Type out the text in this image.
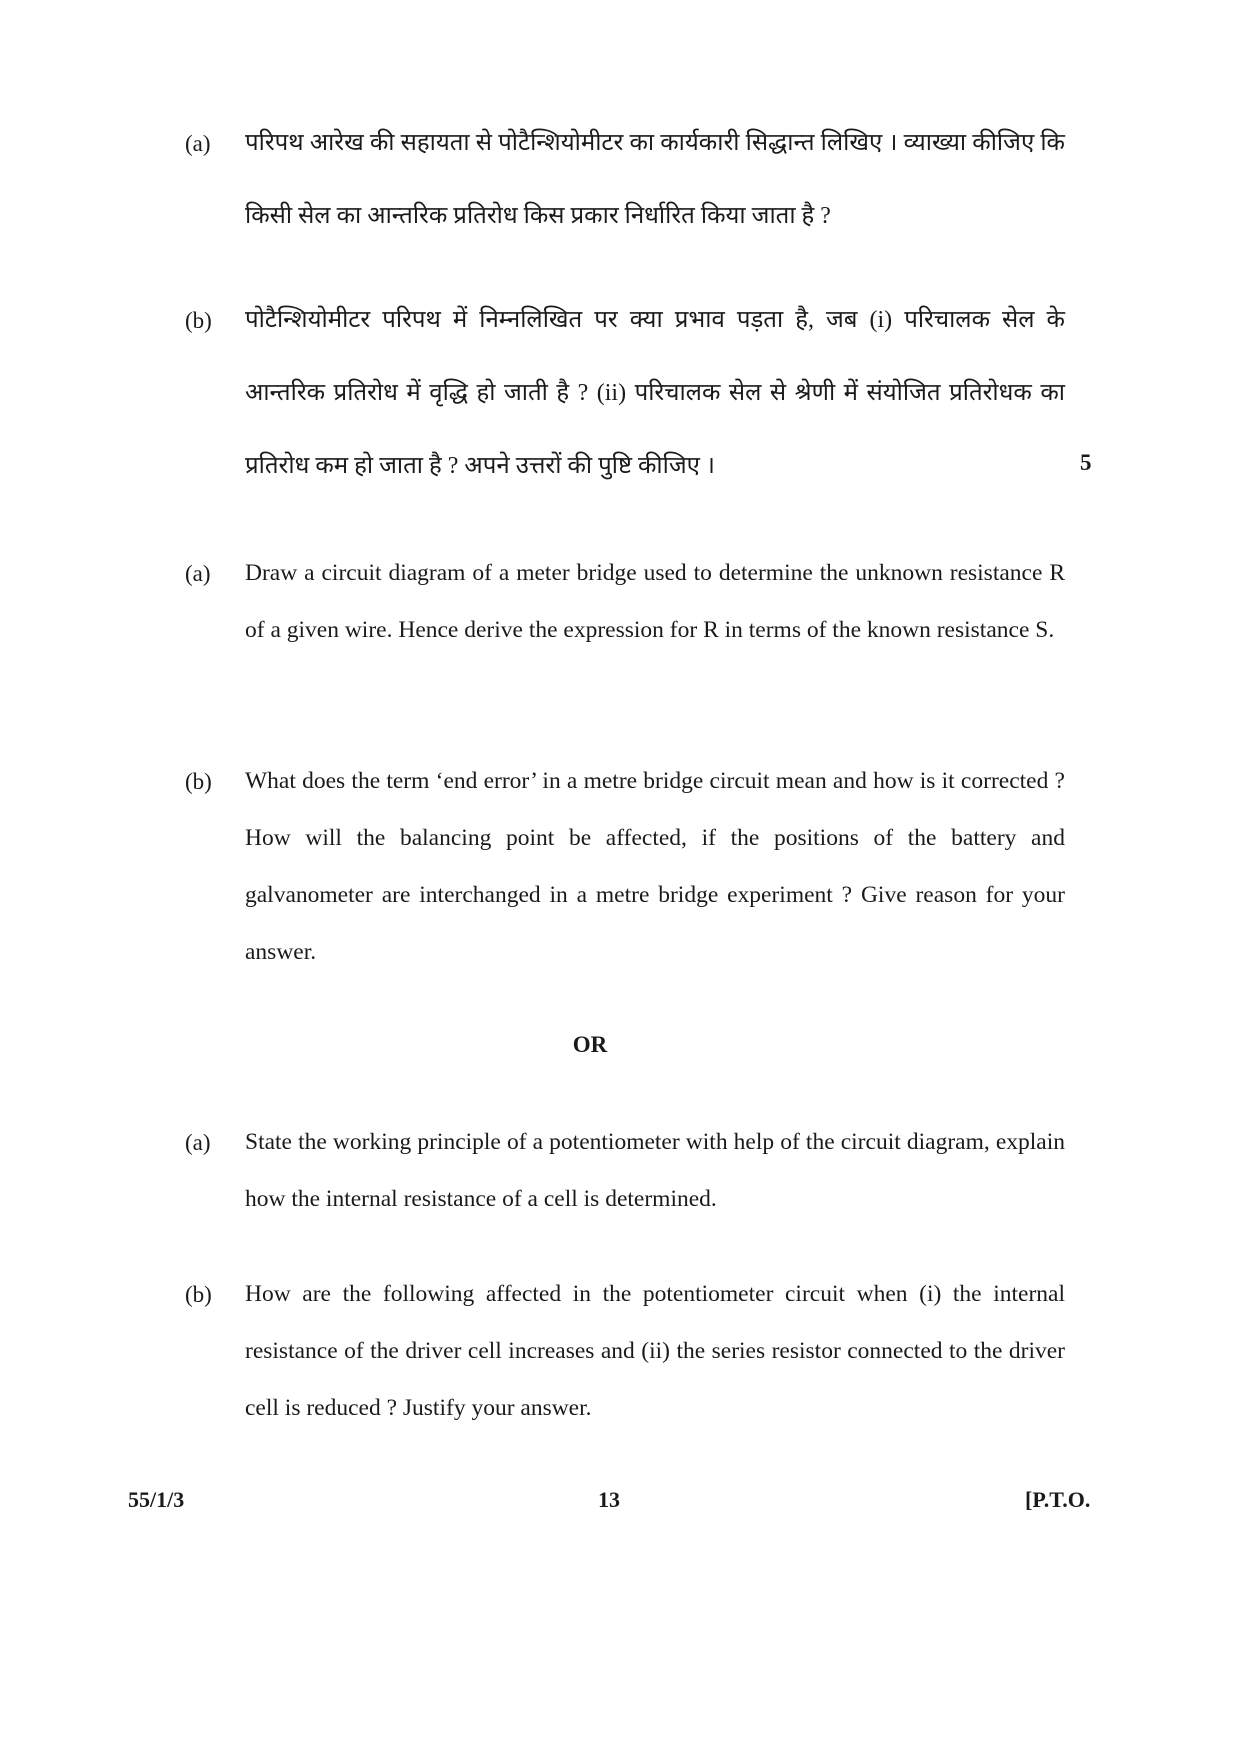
(a) परिपथ आरेख की सहायता से पोटैन्शियोमीटर का कार्यकारी सिद्धान्त लिखिए । व्याख्या कीजिए कि किसी सेल का आन्तरिक प्रतिरोध किस प्रकार निर्धारित किया जाता है ?
(b) पोटैन्शियोमीटर परिपथ में निम्नलिखित पर क्या प्रभाव पड़ता है, जब (i) परिचालक सेल के आन्तरिक प्रतिरोध में वृद्धि हो जाती है ? (ii) परिचालक सेल से श्रेणी में संयोजित प्रतिरोधक का प्रतिरोध कम हो जाता है ? अपने उत्तरों की पुष्टि कीजिए ।	5
(a) Draw a circuit diagram of a meter bridge used to determine the unknown resistance R of a given wire. Hence derive the expression for R in terms of the known resistance S.
(b) What does the term ‘end error’ in a metre bridge circuit mean and how is it corrected ? How will the balancing point be affected, if the positions of the battery and galvanometer are interchanged in a metre bridge experiment ? Give reason for your answer.
OR
(a) State the working principle of a potentiometer with help of the circuit diagram, explain how the internal resistance of a cell is determined.
(b) How are the following affected in the potentiometer circuit when (i) the internal resistance of the driver cell increases and (ii) the series resistor connected to the driver cell is reduced ? Justify your answer.
55/1/3	13	[P.T.O.
